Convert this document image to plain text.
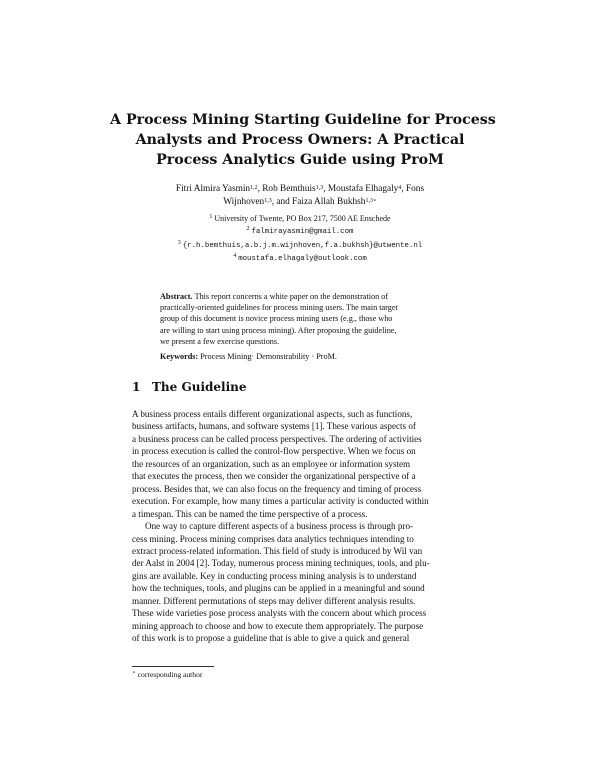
A Process Mining Starting Guideline for Process
Analysts and Process Owners: A Practical
Process Analytics Guide using ProM
Fitri Almira Yasmin$^{1,2}$, Rob Bemthuis$^{1,3}$, Moustafa Elhagaly$^4$, Fons
Wijnhoven$^{1,3}$, and Faiza Allah Bukhsh$^{1,3⋆}$
$^1$ University of Twente, PO Box 217, 7500 AE Enschede
$^2$ falmirayasmin@gmail.com
$^3$ {r.h.bemthuis,a.b.j.m.wijnhoven,f.a.bukhsh}@utwente.nl
$^4$ moustafa.elhagaly@outlook.com
Abstract. This report concerns a white paper on the demonstration of
practically-oriented guidelines for process mining users. The main target
group of this document is novice process mining users (e.g., those who
are willing to start using process mining). After proposing the guideline,
we present a few exercise questions.
Keywords: Process Mining· Demonstrability · ProM.
1 The Guideline
A business process entails different organizational aspects, such as functions,
business artifacts, humans, and software systems [1]. These various aspects of
a business process can be called process perspectives. The ordering of activities
in process execution is called the control-flow perspective. When we focus on
the resources of an organization, such as an employee or information system
that executes the process, then we consider the organizational perspective of a
process. Besides that, we can also focus on the frequency and timing of process
execution. For example, how many times a particular activity is conducted within
a timespan. This can be named the time perspective of a process.
One way to capture different aspects of a business process is through pro-
cess mining. Process mining comprises data analytics techniques intending to
extract process-related information. This field of study is introduced by Wil van
der Aalst in 2004 [2]. Today, numerous process mining techniques, tools, and plu-
gins are available. Key in conducting process mining analysis is to understand
how the techniques, tools, and plugins can be applied in a meaningful and sound
manner. Different permutations of steps may deliver different analysis results.
These wide varieties pose process analysts with the concern about which process
mining approach to choose and how to execute them appropriately. The purpose
of this work is to propose a guideline that is able to give a quick and general
⋆ corresponding author
